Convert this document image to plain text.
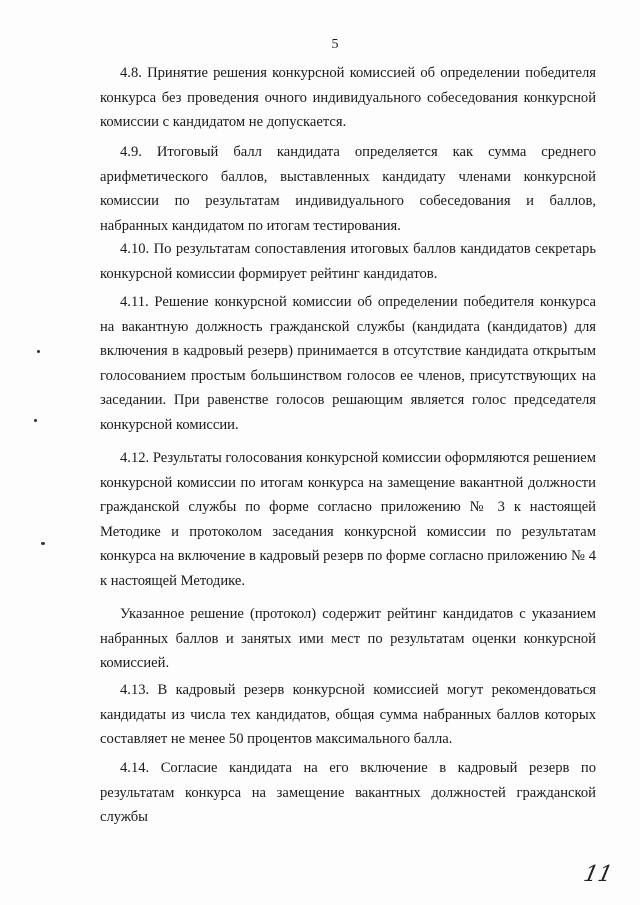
5

4.8. Принятие решения конкурсной комиссией об определении победителя конкурса без проведения очного индивидуального собеседования конкурсной комиссии с кандидатом не допускается.

4.9. Итоговый балл кандидата определяется как сумма среднего арифметического баллов, выставленных кандидату членами конкурсной комиссии по результатам индивидуального собеседования и баллов, набранных кандидатом по итогам тестирования.

4.10. По результатам сопоставления итоговых баллов кандидатов секретарь конкурсной комиссии формирует рейтинг кандидатов.

4.11. Решение конкурсной комиссии об определении победителя конкурса на вакантную должность гражданской службы (кандидата (кандидатов) для включения в кадровый резерв) принимается в отсутствие кандидата открытым голосованием простым большинством голосов ее членов, присутствующих на заседании. При равенстве голосов решающим является голос председателя конкурсной комиссии.

4.12. Результаты голосования конкурсной комиссии оформляются решением конкурсной комиссии по итогам конкурса на замещение вакантной должности гражданской службы по форме согласно приложению № 3 к настоящей Методике и протоколом заседания конкурсной комиссии по результатам конкурса на включение в кадровый резерв по форме согласно приложению № 4 к настоящей Методике.

Указанное решение (протокол) содержит рейтинг кандидатов с указанием набранных баллов и занятых ими мест по результатам оценки конкурсной комиссией.

4.13. В кадровый резерв конкурсной комиссией могут рекомендоваться кандидаты из числа тех кандидатов, общая сумма набранных баллов которых составляет не менее 50 процентов максимального балла.

4.14. Согласие кандидата на его включение в кадровый резерв по результатам конкурса на замещение вакантных должностей гражданской службы

11
